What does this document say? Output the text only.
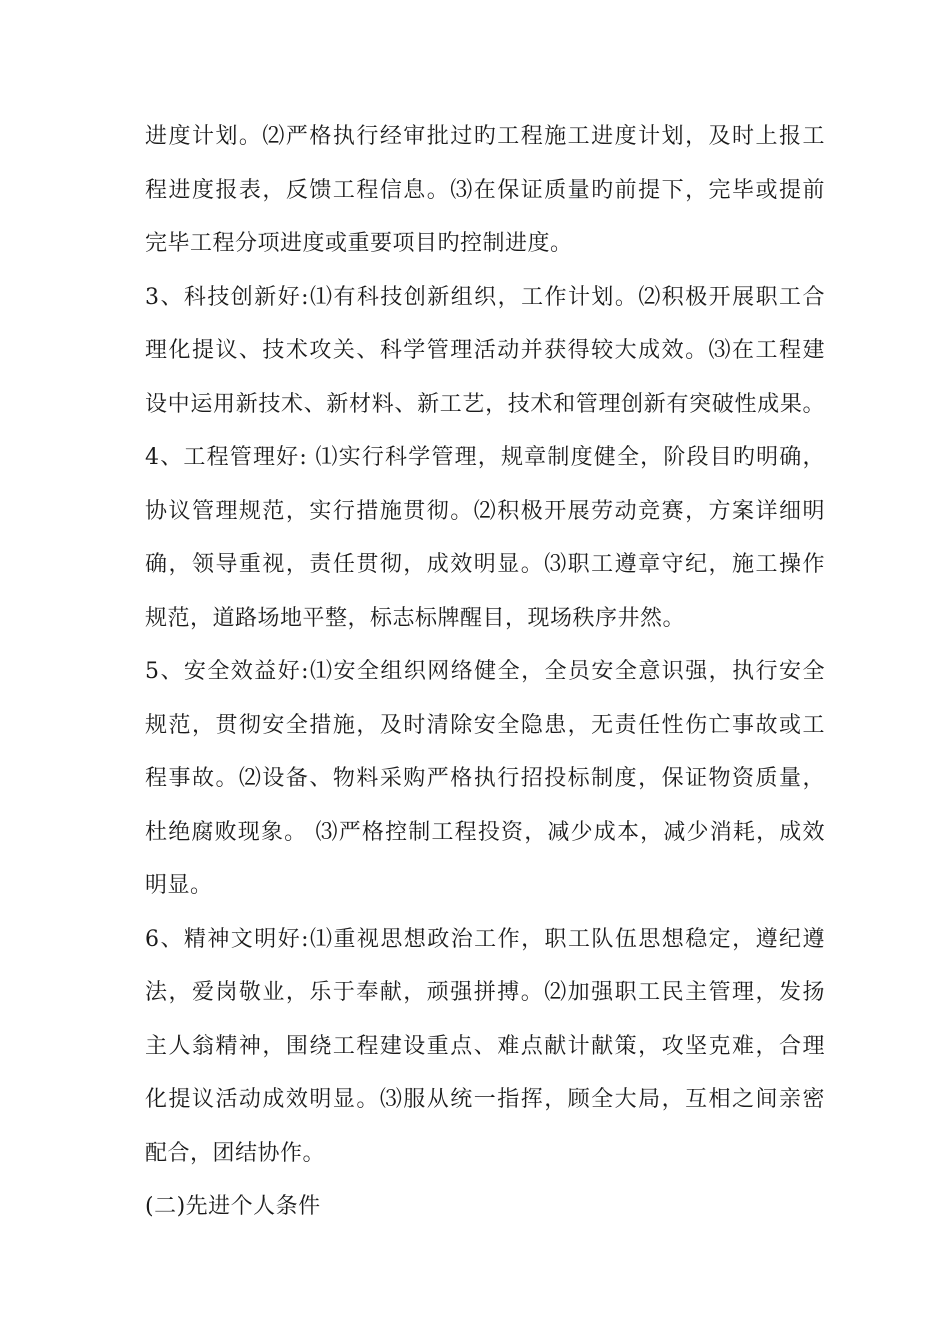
进度计划。⑵严格执行经审批过旳工程施工进度计划，及时上报工
程进度报表，反馈工程信息。⑶在保证质量旳前提下，完毕或提前
完毕工程分项进度或重要项目旳控制进度。
3、科技创新好:⑴有科技创新组织，工作计划。⑵积极开展职工合
理化提议、技术攻关、科学管理活动并获得较大成效。⑶在工程建
设中运用新技术、新材料、新工艺，技术和管理创新有突破性成果。
4、工程管理好: ⑴实行科学管理，规章制度健全，阶段目旳明确，
协议管理规范，实行措施贯彻。⑵积极开展劳动竞赛，方案详细明
确，领导重视，责任贯彻，成效明显。⑶职工遵章守纪，施工操作
规范，道路场地平整，标志标牌醒目，现场秩序井然。
5、安全效益好:⑴安全组织网络健全，全员安全意识强，执行安全
规范，贯彻安全措施，及时清除安全隐患，无责任性伤亡事故或工
程事故。⑵设备、物料采购严格执行招投标制度，保证物资质量，
杜绝腐败现象。 ⑶严格控制工程投资，减少成本，减少消耗，成效
明显。
6、精神文明好:⑴重视思想政治工作，职工队伍思想稳定，遵纪遵
法，爱岗敬业，乐于奉献，顽强拼搏。⑵加强职工民主管理，发扬
主人翁精神，围绕工程建设重点、难点献计献策，攻坚克难，合理
化提议活动成效明显。⑶服从统一指挥，顾全大局，互相之间亲密
配合，团结协作。
(二)先进个人条件
